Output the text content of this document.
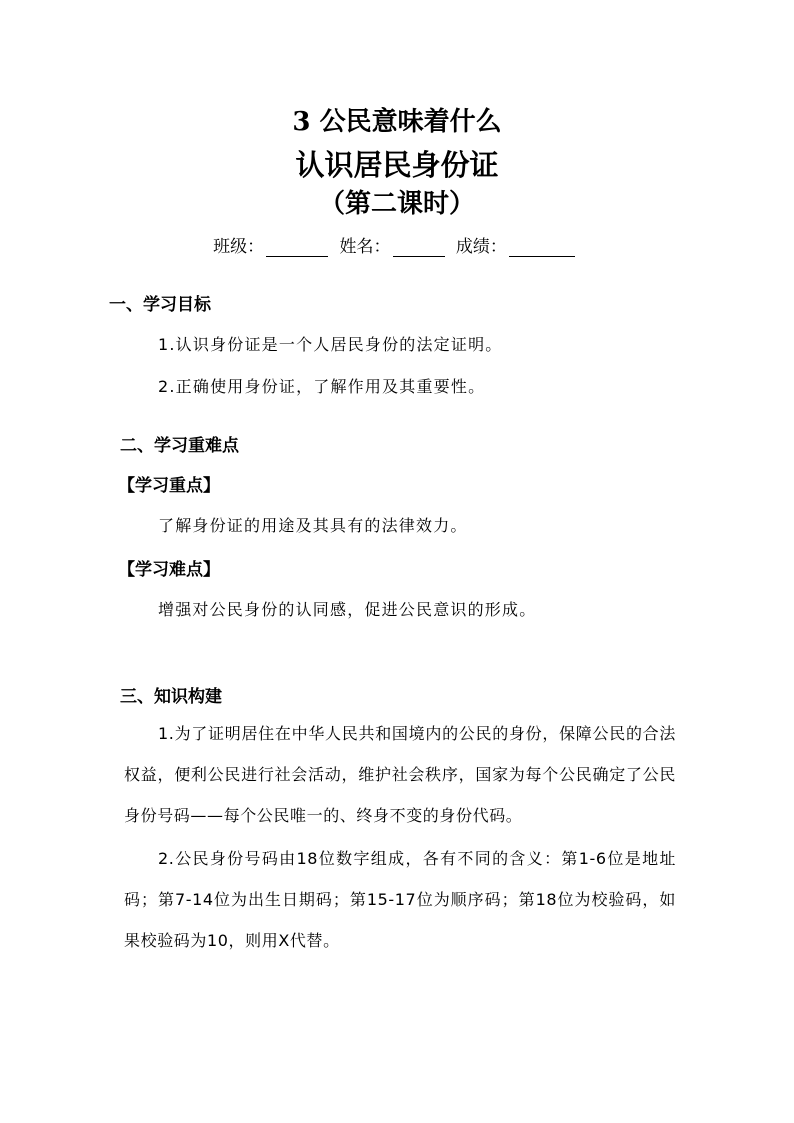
3 公民意味着什么
认识居民身份证
（第二课时）
班级：	姓名：	成绩：
一、学习目标
1.认识身份证是一个人居民身份的法定证明。
2.正确使用身份证，了解作用及其重要性。
二、学习重难点
【学习重点】
了解身份证的用途及其具有的法律效力。
【学习难点】
增强对公民身份的认同感，促进公民意识的形成。
三、知识构建
1.为了证明居住在中华人民共和国境内的公民的身份，保障公民的合法权益，便利公民进行社会活动，维护社会秩序，国家为每个公民确定了公民身份号码——每个公民唯一的、终身不变的身份代码。
2.公民身份号码由18位数字组成，各有不同的含义：第1-6位是地址码；第7-14位为出生日期码；第15-17位为顺序码；第18位为校验码，如果校验码为10，则用X代替。
